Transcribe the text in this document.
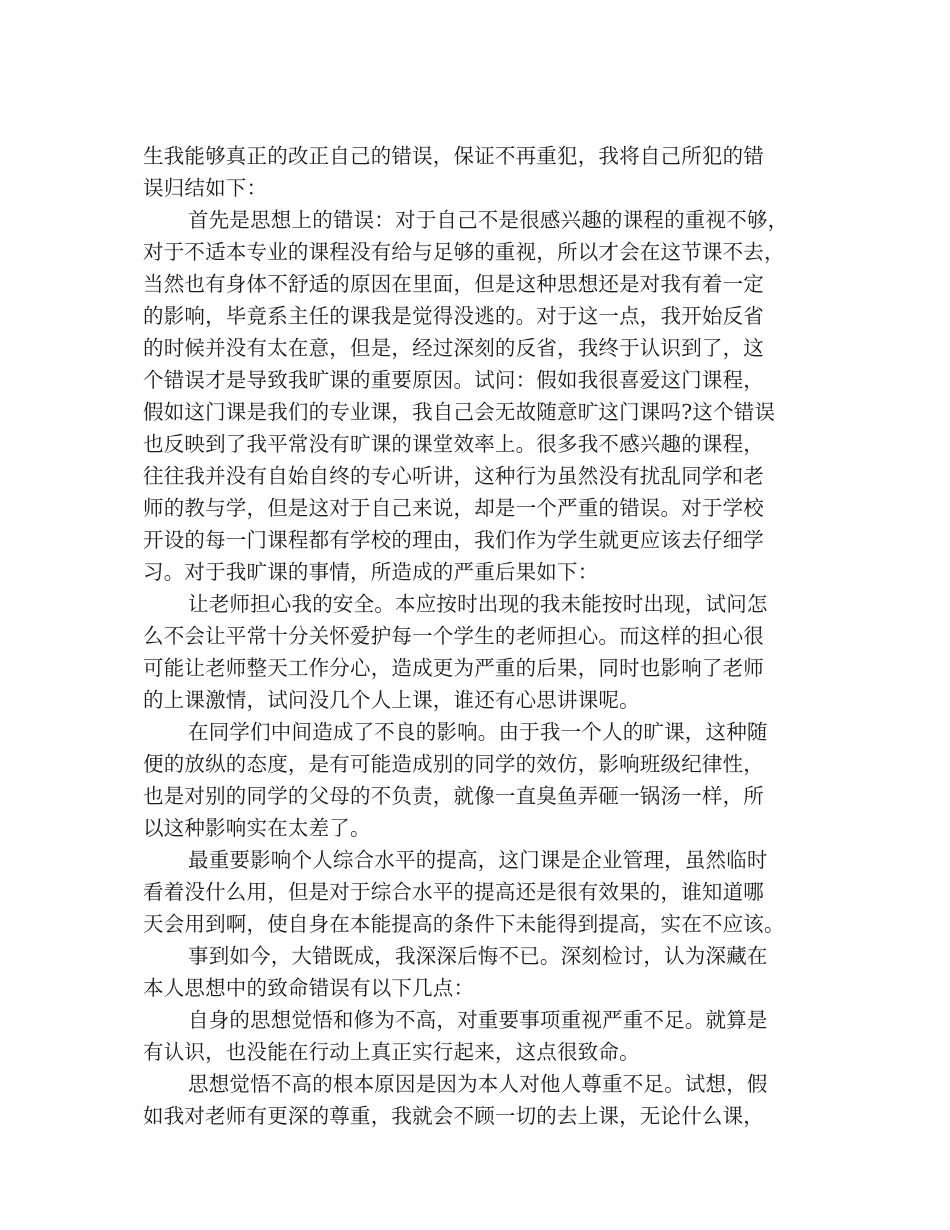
生我能够真正的改正自己的错误，保证不再重犯，我将自己所犯的错
误归结如下：
首先是思想上的错误：对于自己不是很感兴趣的课程的重视不够，
对于不适本专业的课程没有给与足够的重视，所以才会在这节课不去，
当然也有身体不舒适的原因在里面，但是这种思想还是对我有着一定
的影响，毕竟系主任的课我是觉得没逃的。对于这一点，我开始反省
的时候并没有太在意，但是，经过深刻的反省，我终于认识到了，这
个错误才是导致我旷课的重要原因。试问：假如我很喜爱这门课程，
假如这门课是我们的专业课，我自己会无故随意旷这门课吗?这个错误
也反映到了我平常没有旷课的课堂效率上。很多我不感兴趣的课程，
往往我并没有自始自终的专心听讲，这种行为虽然没有扰乱同学和老
师的教与学，但是这对于自己来说，却是一个严重的错误。对于学校
开设的每一门课程都有学校的理由，我们作为学生就更应该去仔细学
习。对于我旷课的事情，所造成的严重后果如下：
让老师担心我的安全。本应按时出现的我未能按时出现，试问怎
么不会让平常十分关怀爱护每一个学生的老师担心。而这样的担心很
可能让老师整天工作分心，造成更为严重的后果，同时也影响了老师
的上课激情，试问没几个人上课，谁还有心思讲课呢。
在同学们中间造成了不良的影响。由于我一个人的旷课，这种随
便的放纵的态度，是有可能造成别的同学的效仿，影响班级纪律性，
也是对别的同学的父母的不负责，就像一直臭鱼弄砸一锅汤一样，所
以这种影响实在太差了。
最重要影响个人综合水平的提高，这门课是企业管理，虽然临时
看着没什么用，但是对于综合水平的提高还是很有效果的，谁知道哪
天会用到啊，使自身在本能提高的条件下未能得到提高，实在不应该。
事到如今，大错既成，我深深后悔不已。深刻检讨，认为深藏在
本人思想中的致命错误有以下几点：
自身的思想觉悟和修为不高，对重要事项重视严重不足。就算是
有认识，也没能在行动上真正实行起来，这点很致命。
思想觉悟不高的根本原因是因为本人对他人尊重不足。试想，假
如我对老师有更深的尊重，我就会不顾一切的去上课，无论什么课，
